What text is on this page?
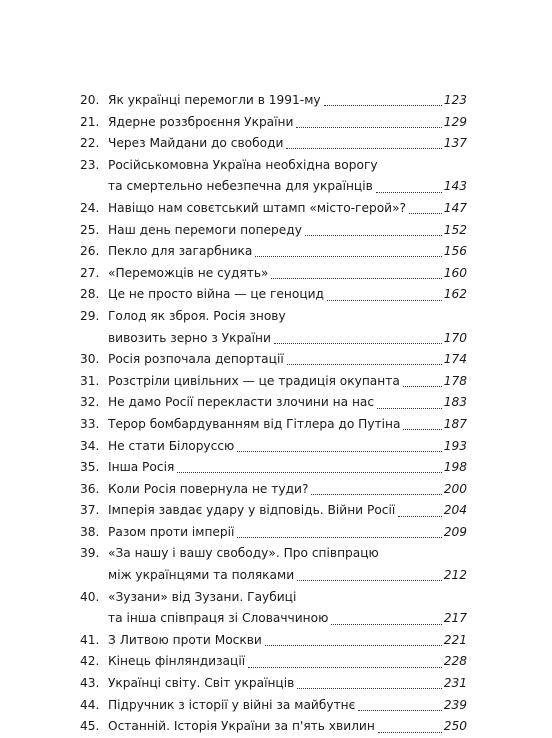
20. Як українці перемогли в 1991-му	123
21. Ядерне роззброєння України	129
22. Через Майдани до свободи	137
23. Російськомовна Україна необхідна ворогу
та смертельно небезпечна для українців	143
24. Навіщо нам совєтський штамп «місто-герой»?	147
25. Наш день перемоги попереду	152
26. Пекло для загарбника	156
27. «Переможців не судять»	160
28. Це не просто війна — це геноцид	162
29. Голод як зброя. Росія знову
вивозить зерно з України	170
30. Росія розпочала депортації	174
31. Розстріли цивільних — це традиція окупанта	178
32. Не дамо Росії перекласти злочини на нас	183
33. Терор бомбардуванням від Гітлера до Путіна	187
34. Не стати Білоруссю	193
35. Інша Росія	198
36. Коли Росія повернула не туди?	200
37. Імперія завдає удару у відповідь. Війни Росії	204
38. Разом проти імперії	209
39. «За нашу і вашу свободу». Про співпрацю
між українцями та поляками	212
40. «Зузани» від Зузани. Гаубиці
та інша співпраця зі Словаччиною	217
41. З Литвою проти Москви	221
42. Кінець фінляндизації	228
43. Українці світу. Світ українців	231
44. Підручник з історії у війні за майбутнє	239
45. Останній. Історія України за п'ять хвилин	250
